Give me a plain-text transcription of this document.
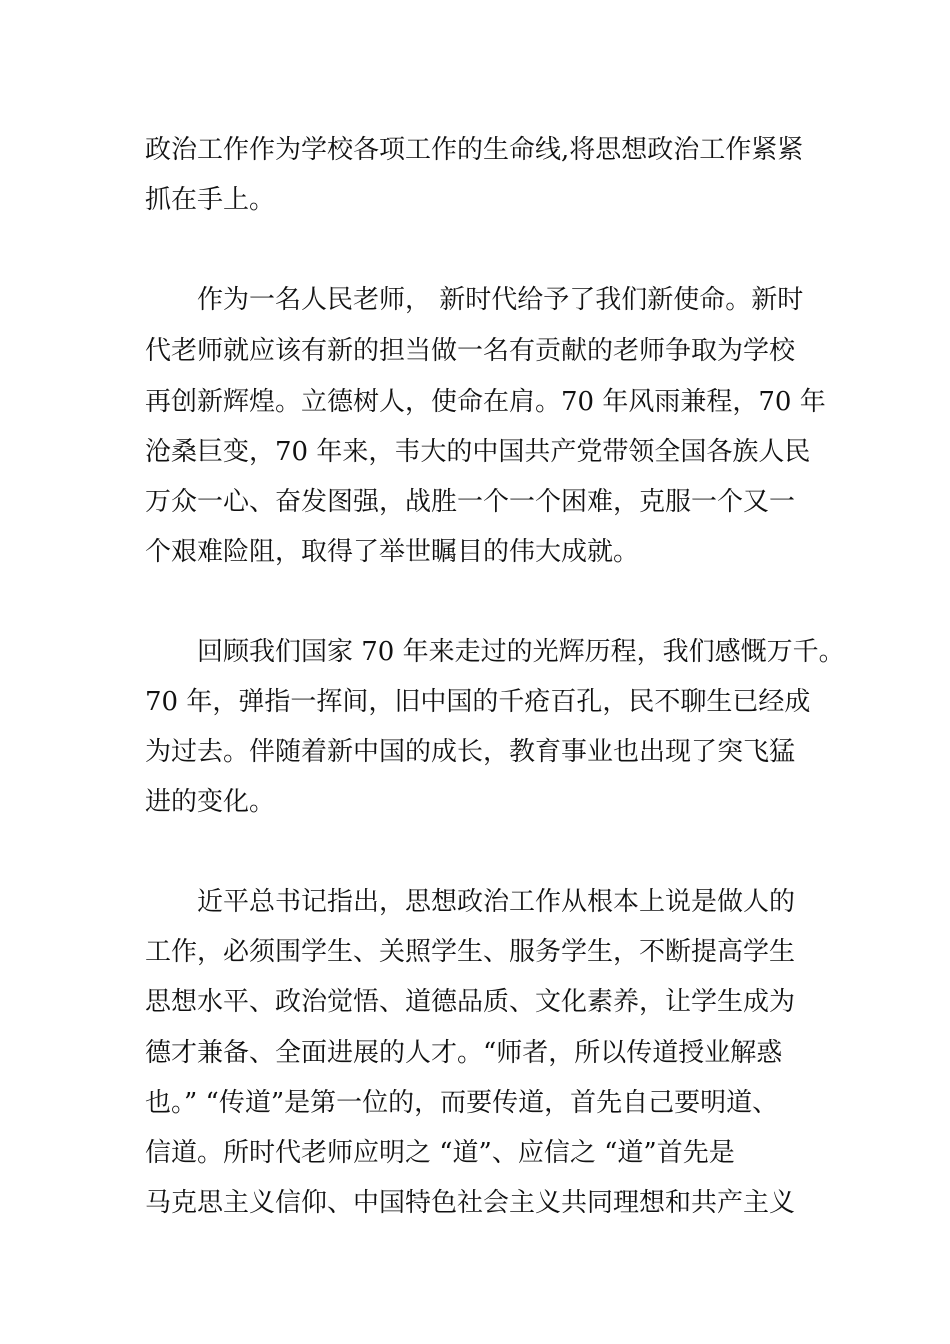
政治工作作为学校各项工作的生命线,将思想政治工作紧紧
抓在手上。
作为一名人民老师， 新时代给予了我们新使命。新时
代老师就应该有新的担当做一名有贡献的老师争取为学校
再创新辉煌。立德树人，使命在肩。70 年风雨兼程，70 年
沧桑巨变，70 年来，韦大的中国共产党带领全国各族人民
万众一心、奋发图强，战胜一个一个困难，克服一个又一
个艰难险阻，取得了举世瞩目的伟大成就。
回顾我们国家 70 年来走过的光辉历程，我们感慨万千。
70 年，弹指一挥间，旧中国的千疮百孔，民不聊生已经成
为过去。伴随着新中国的成长，教育事业也出现了突飞猛
进的变化。
近平总书记指出，思想政治工作从根本上说是做人的
工作，必须围学生、关照学生、服务学生，不断提高学生
思想水平、政治觉悟、道德品质、文化素养，让学生成为
德才兼备、全面进展的人才。“师者，所以传道授业解惑
也。” “传道”是第一位的，而要传道，首先自己要明道、
信道。所时代老师应明之 “道”、应信之 “道”首先是
马克思主义信仰、中国特色社会主义共同理想和共产主义
